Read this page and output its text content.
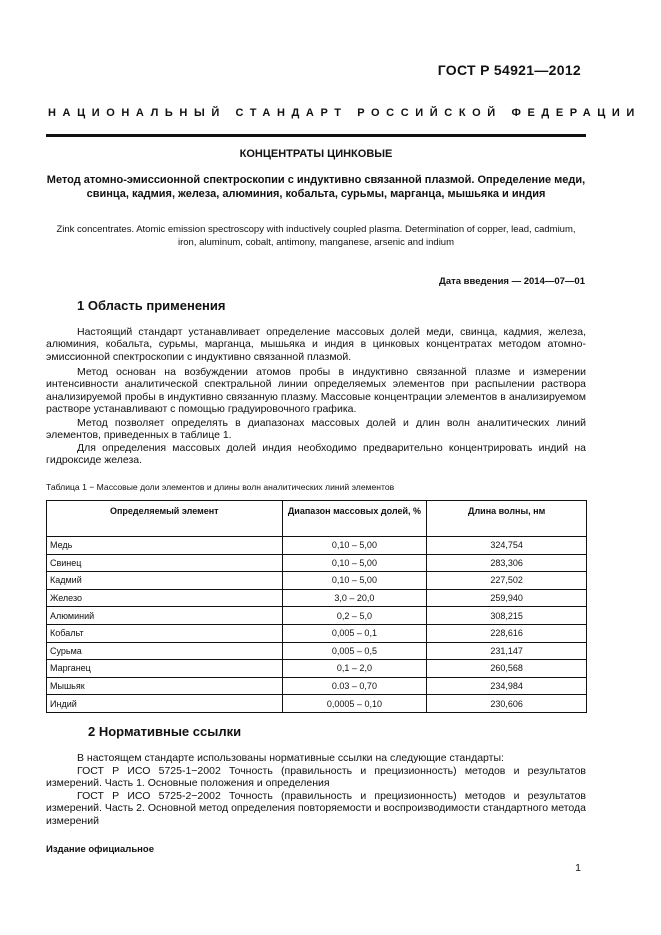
ГОСТ Р 54921—2012
НАЦИОНАЛЬНЫЙ СТАНДАРТ РОССИЙСКОЙ ФЕДЕРАЦИИ
КОНЦЕНТРАТЫ ЦИНКОВЫЕ
Метод атомно-эмиссионной спектроскопии с индуктивно связанной плазмой. Определение меди, свинца, кадмия, железа, алюминия, кобальта, сурьмы, марганца, мышьяка и индия
Zink concentrates. Atomic emission spectroscopy with inductively coupled plasma. Determination of copper, lead, cadmium, iron, aluminum, cobalt, antimony, manganese, arsenic and indium
Дата введения — 2014—07—01
1 Область применения

Настоящий стандарт устанавливает определение массовых долей меди, свинца, кадмия, железа, алюминия, кобальта, сурьмы, марганца, мышьяка и индия в цинковых концентратах методом атомно-эмиссионной спектроскопии с индуктивно связанной плазмой.

Метод основан на возбуждении атомов пробы в индуктивно связанной плазме и измерении интенсивности аналитической спектральной линии определяемых элементов при распылении раствора анализируемой пробы в индуктивно связанную плазму. Массовые концентрации элементов в анализируемом растворе устанавливают с помощью градуировочного графика.

Метод позволяет определять в диапазонах массовых долей и длин волн аналитических линий элементов, приведенных в таблице 1.

Для определения массовых долей индия необходимо предварительно концентрировать индий на гидроксиде железа.

Таблица 1 − Массовые доли элементов и длины волн аналитических линий элементов
Определяемый элемент	Диапазон массовых долей, %	Длина волны, нм
Медь	0,10 – 5,00	324,754
Свинец	0,10 – 5,00	283,306
Кадмий	0,10 – 5,00	227,502
Железо	3,0 – 20,0	259,940
Алюминий	0,2 – 5,0	308,215
Кобальт	0,005 – 0,1	228,616
Сурьма	0,005 – 0,5	231,147
Марганец	0,1 – 2,0	260,568
Мышьяк	0.03 – 0,70	234,984
Индий	0,0005 – 0,10	230,606
2 Нормативные ссылки

В настоящем стандарте использованы нормативные ссылки на следующие стандарты:

ГОСТ Р ИСО 5725-1−2002 Точность (правильность и прецизионность) методов и результатов измерений. Часть 1. Основные положения и определения

ГОСТ Р ИСО 5725-2−2002 Точность (правильность и прецизионность) методов и результатов измерений. Часть 2. Основной метод определения повторяемости и воспроизводимости стандартного метода измерений

Издание официальное
1
